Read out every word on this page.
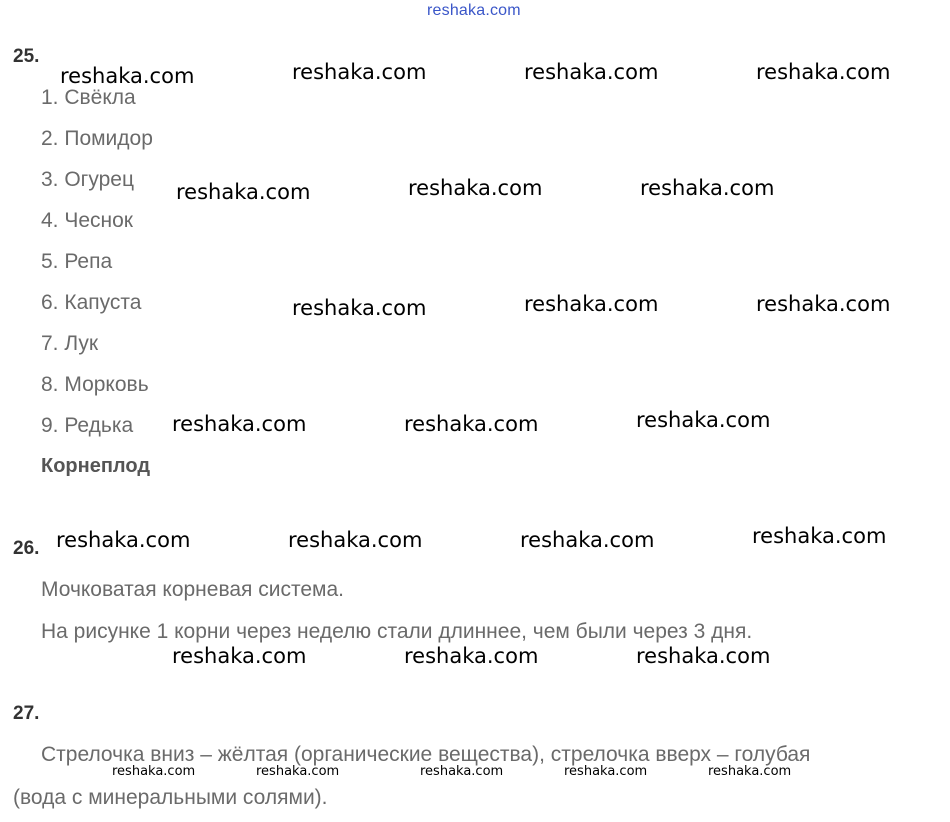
reshaka.com
25.
1. Свёкла
2. Помидор
3. Огурец
4. Чеснок
5. Репа
6. Капуста
7. Лук
8. Морковь
9. Редька
Корнеплод
26.
Мочковатая корневая система.
На рисунке 1 корни через неделю стали длиннее, чем были через 3 дня.
27.
Стрелочка вниз – жёлтая (органические вещества), стрелочка вверх – голубая
(вода с минеральными солями).
reshaka.com	reshaka.com	reshaka.com	reshaka.com
reshaka.com	reshaka.com	reshaka.com
reshaka.com	reshaka.com	reshaka.com
reshaka.com	reshaka.com	reshaka.com
reshaka.com	reshaka.com	reshaka.com	reshaka.com
reshaka.com	reshaka.com	reshaka.com
reshaka.com	reshaka.com	reshaka.com	reshaka.com	reshaka.com
